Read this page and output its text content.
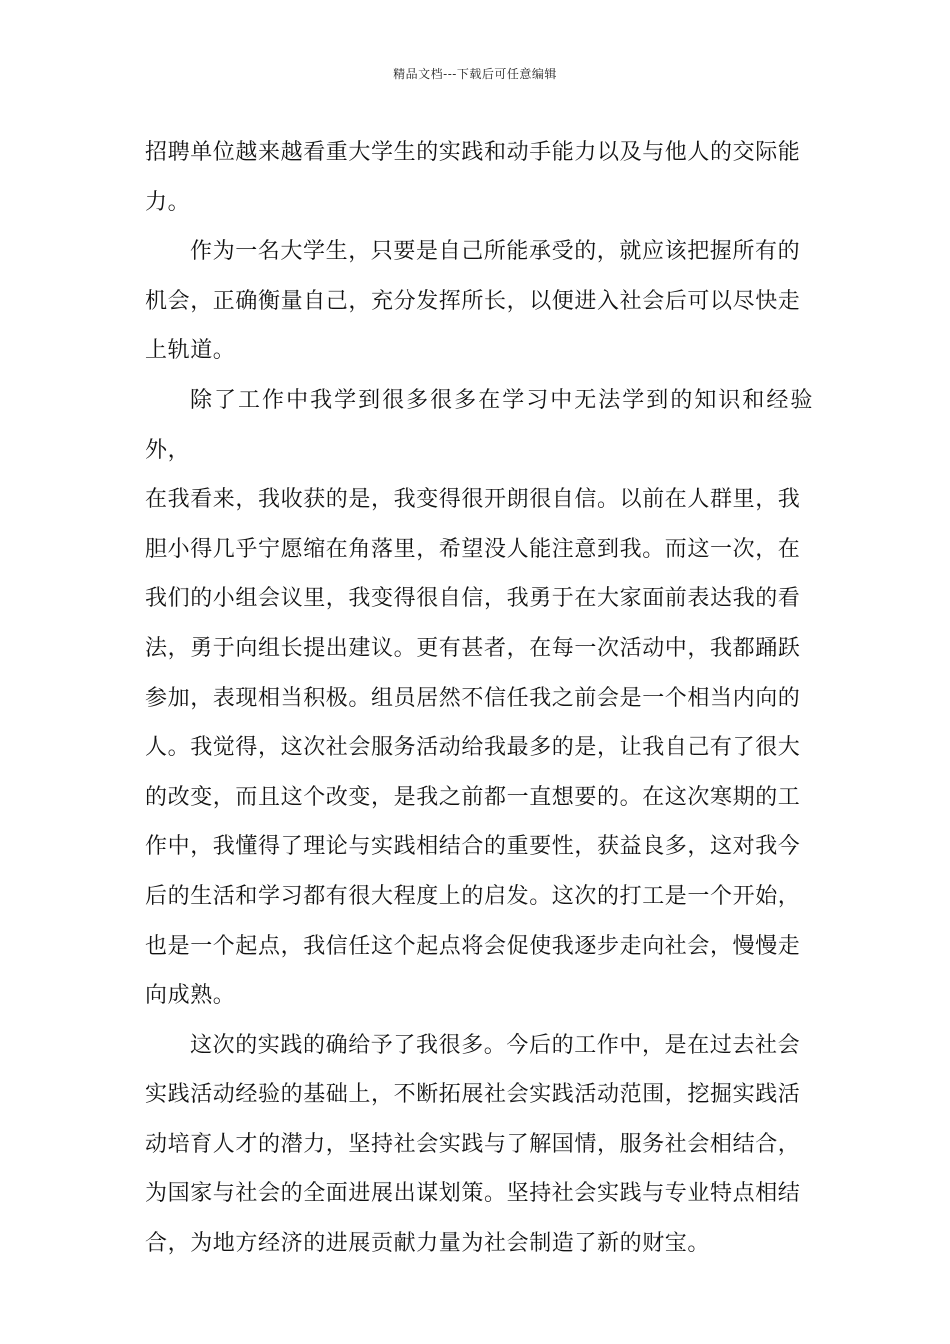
精品文档---下载后可任意编辑

招聘单位越来越看重大学生的实践和动手能力以及与他人的交际能
力。

作为一名大学生，只要是自己所能承受的，就应该把握所有的
机会，正确衡量自己，充分发挥所长，以便进入社会后可以尽快走
上轨道。

除了工作中我学到很多很多在学习中无法学到的知识和经验外，
在我看来，我收获的是，我变得很开朗很自信。以前在人群里，我
胆小得几乎宁愿缩在角落里，希望没人能注意到我。而这一次，在
我们的小组会议里，我变得很自信，我勇于在大家面前表达我的看
法，勇于向组长提出建议。更有甚者，在每一次活动中，我都踊跃
参加，表现相当积极。组员居然不信任我之前会是一个相当内向的
人。我觉得，这次社会服务活动给我最多的是，让我自己有了很大
的改变，而且这个改变，是我之前都一直想要的。在这次寒期的工
作中，我懂得了理论与实践相结合的重要性，获益良多，这对我今
后的生活和学习都有很大程度上的启发。这次的打工是一个开始，
也是一个起点，我信任这个起点将会促使我逐步走向社会，慢慢走
向成熟。

这次的实践的确给予了我很多。今后的工作中，是在过去社会
实践活动经验的基础上，不断拓展社会实践活动范围，挖掘实践活
动培育人才的潜力，坚持社会实践与了解国情，服务社会相结合，
为国家与社会的全面进展出谋划策。坚持社会实践与专业特点相结
合，为地方经济的进展贡献力量为社会制造了新的财宝。
